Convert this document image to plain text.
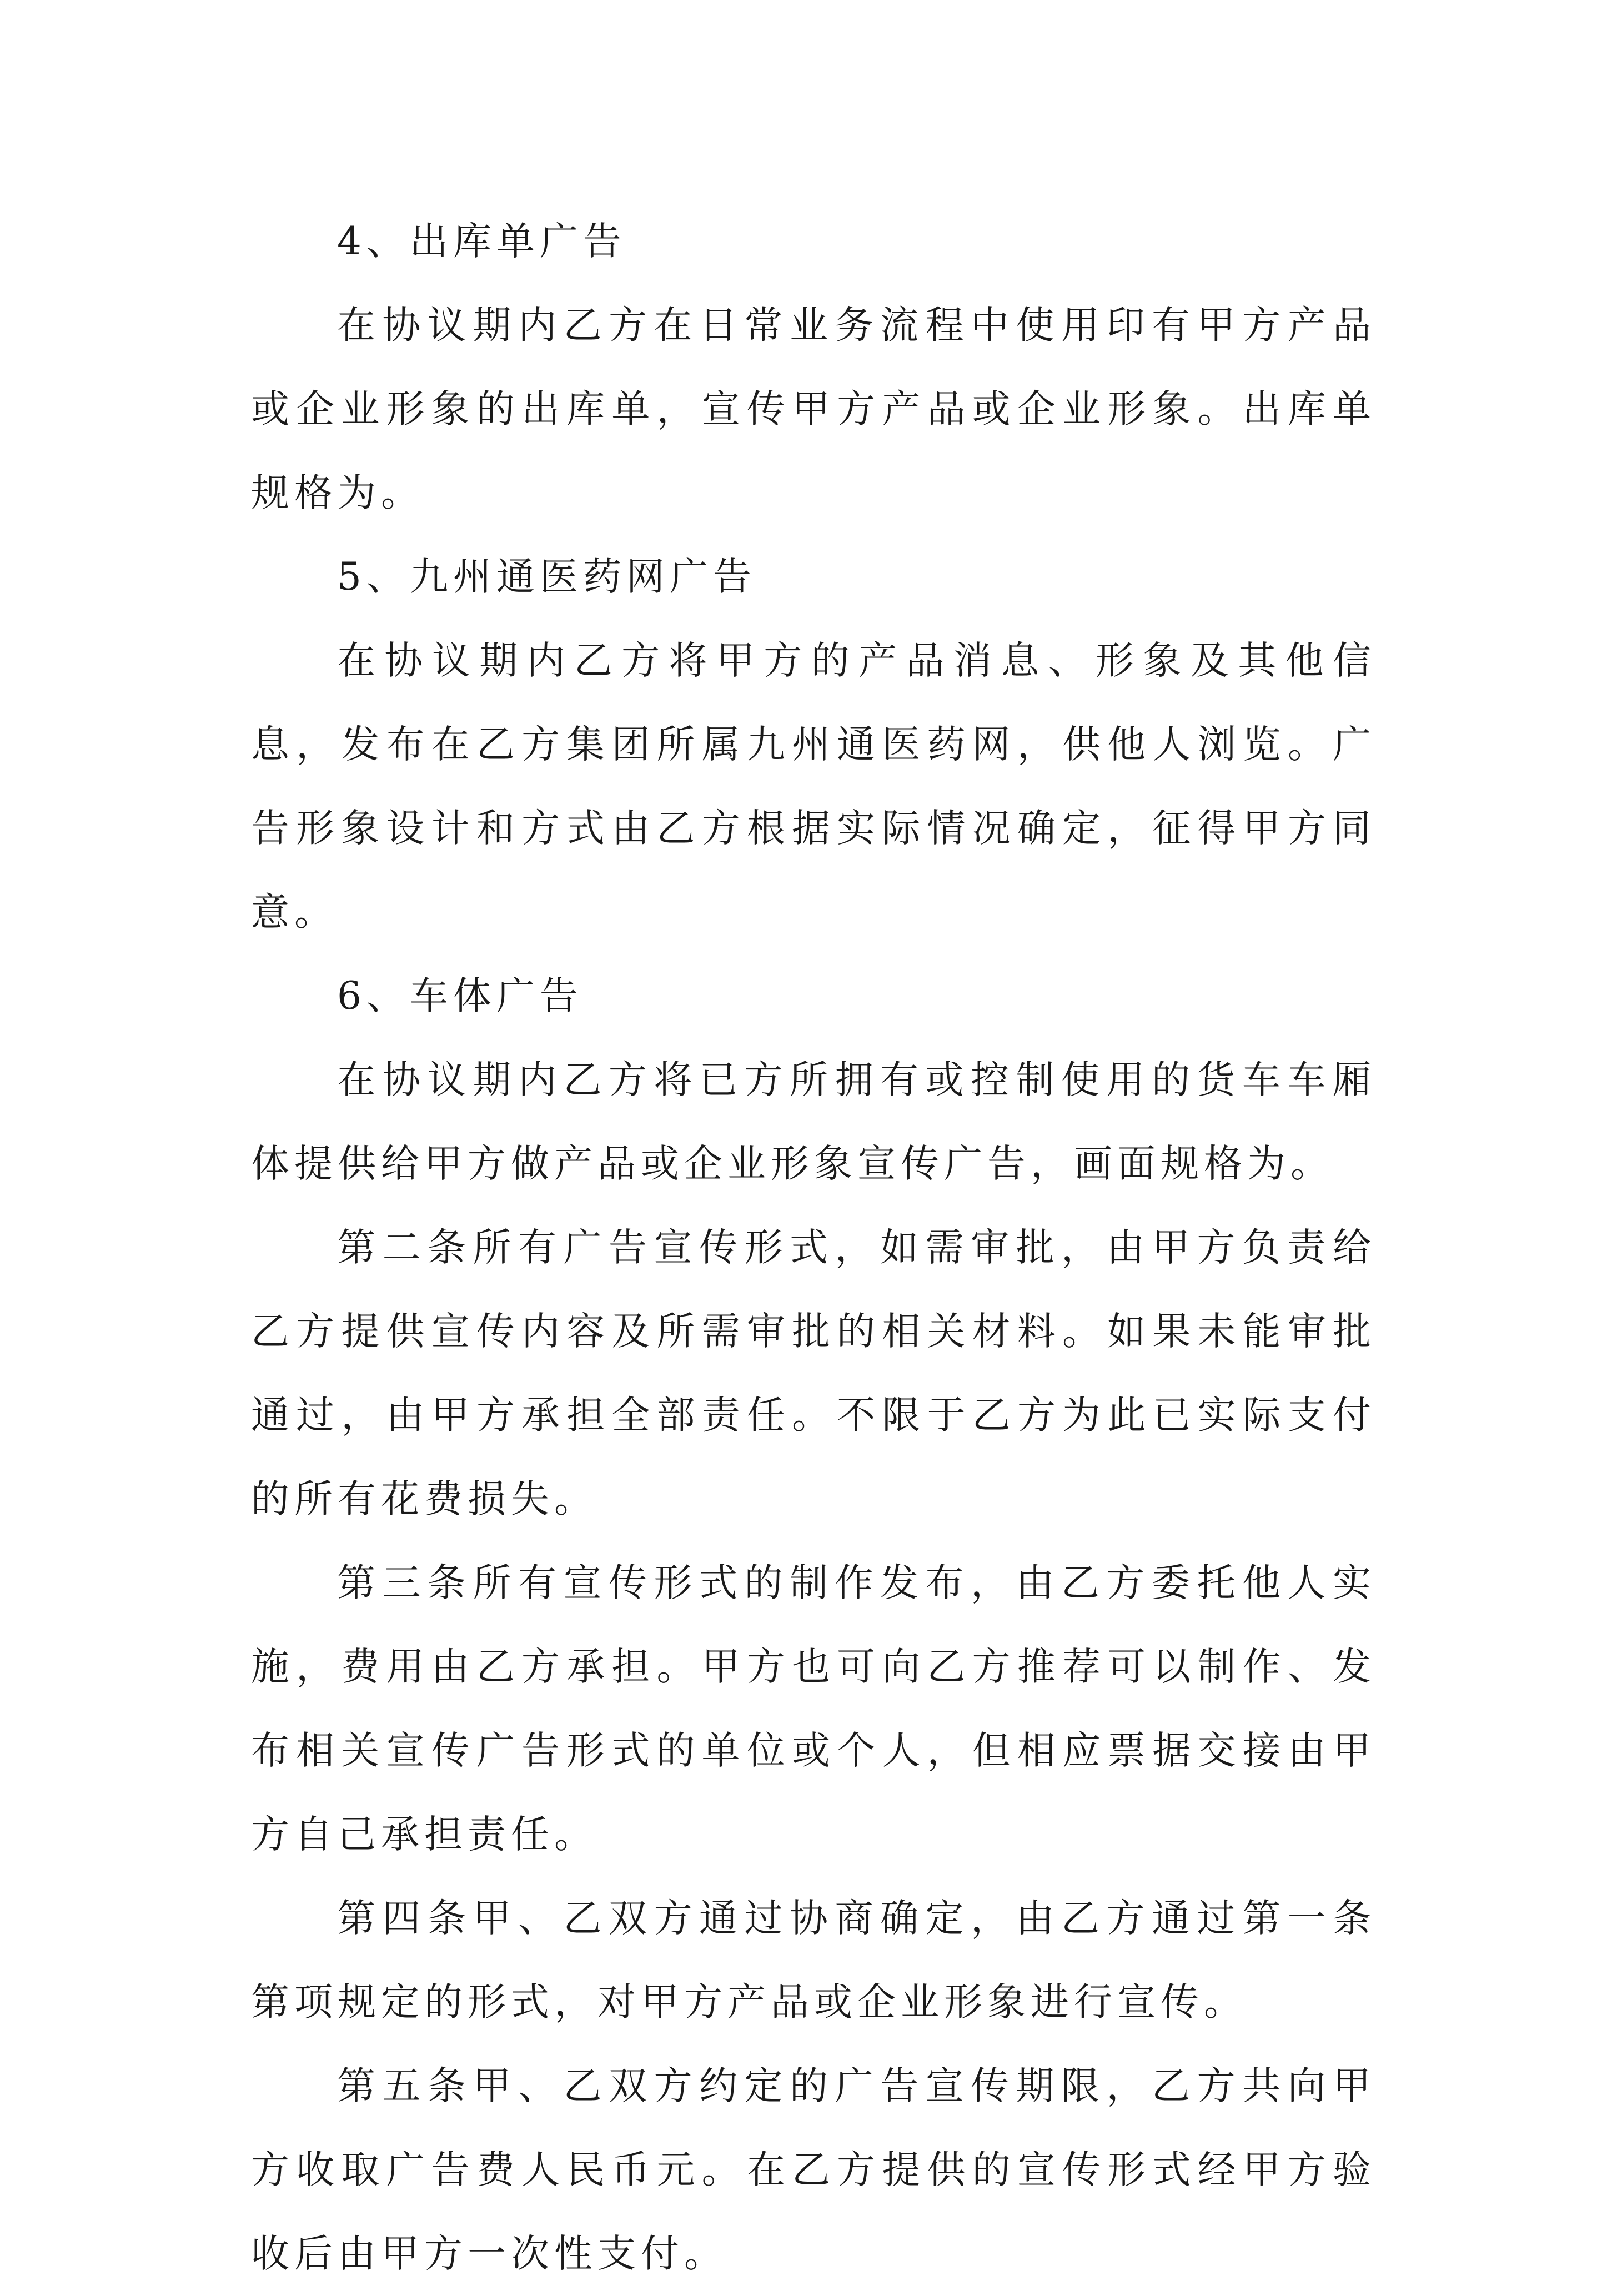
4、出库单广告

在协议期内乙方在日常业务流程中使用印有甲方产品或企业形象的出库单，宣传甲方产品或企业形象。出库单规格为。

5、九州通医药网广告

在协议期内乙方将甲方的产品消息、形象及其他信息，发布在乙方集团所属九州通医药网，供他人浏览。广告形象设计和方式由乙方根据实际情况确定，征得甲方同意。

6、车体广告

在协议期内乙方将已方所拥有或控制使用的货车车厢体提供给甲方做产品或企业形象宣传广告，画面规格为。

第二条所有广告宣传形式，如需审批，由甲方负责给乙方提供宣传内容及所需审批的相关材料。如果未能审批通过，由甲方承担全部责任。不限于乙方为此已实际支付的所有花费损失。

第三条所有宣传形式的制作发布，由乙方委托他人实施，费用由乙方承担。甲方也可向乙方推荐可以制作、发布相关宣传广告形式的单位或个人，但相应票据交接由甲方自己承担责任。

第四条甲、乙双方通过协商确定，由乙方通过第一条第项规定的形式，对甲方产品或企业形象进行宣传。

第五条甲、乙双方约定的广告宣传期限，乙方共向甲方收取广告费人民币元。在乙方提供的宣传形式经甲方验收后由甲方一次性支付。
